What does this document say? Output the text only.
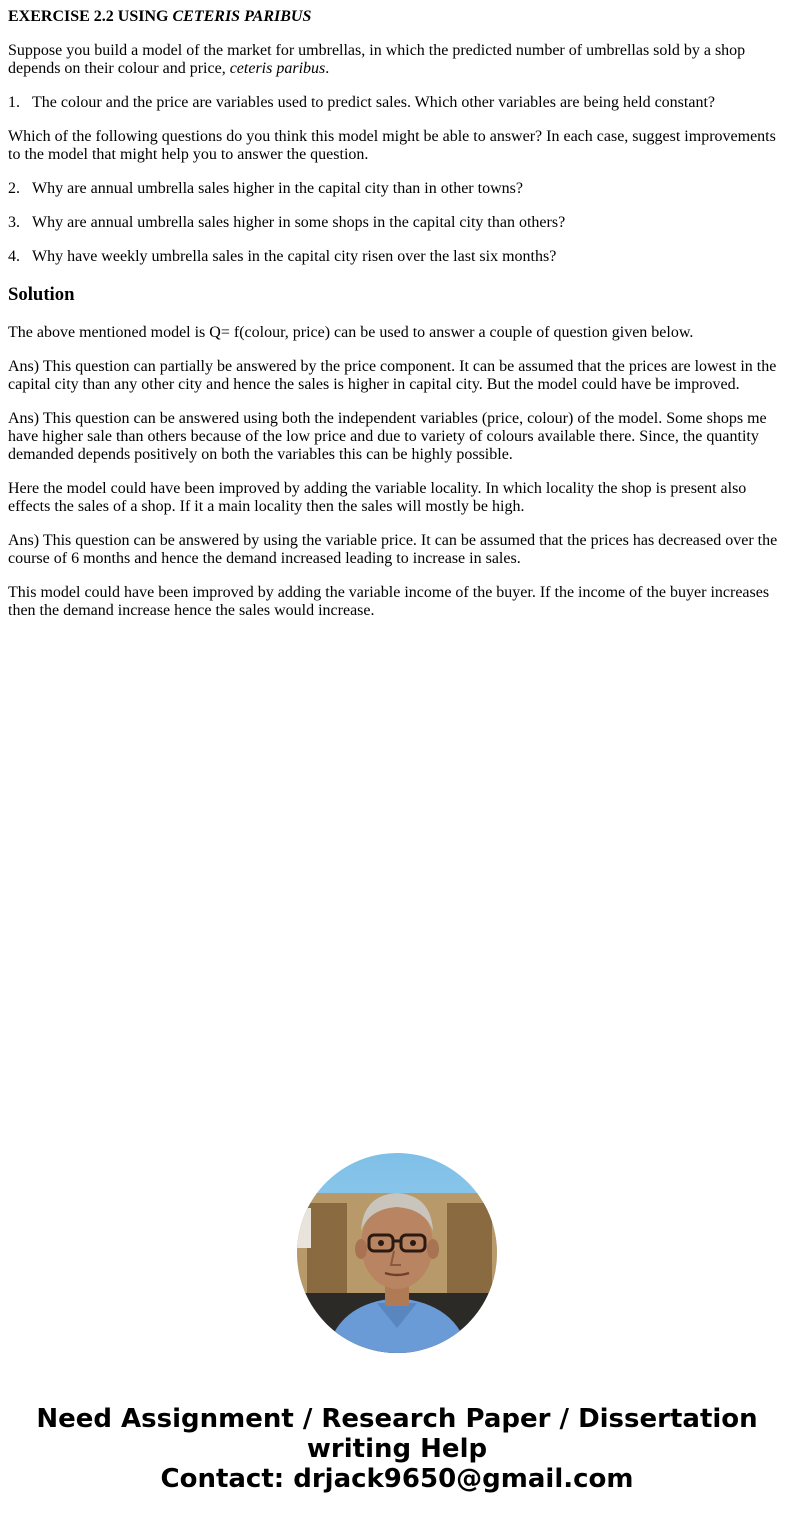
EXERCISE 2.2 USING CETERIS PARIBUS

Suppose you build a model of the market for umbrellas, in which the predicted number of umbrellas sold by a shop depends on their colour and price, ceteris paribus.

1. The colour and the price are variables used to predict sales. Which other variables are being held constant?

Which of the following questions do you think this model might be able to answer? In each case, suggest improvements to the model that might help you to answer the question.

2. Why are annual umbrella sales higher in the capital city than in other towns?

3. Why are annual umbrella sales higher in some shops in the capital city than others?

4. Why have weekly umbrella sales in the capital city risen over the last six months?

Solution

The above mentioned model is Q= f(colour, price) can be used to answer a couple of question given below.

Ans) This question can partially be answered by the price component. It can be assumed that the prices are lowest in the capital city than any other city and hence the sales is higher in capital city. But the model could have be improved.

Ans) This question can be answered using both the independent variables (price, colour) of the model. Some shops me have higher sale than others because of the low price and due to variety of colours available there. Since, the quantity demanded depends positively on both the variables this can be highly possible.

Here the model could have been improved by adding the variable locality. In which locality the shop is present also effects the sales of a shop. If it a main locality then the sales will mostly be high.

Ans) This question can be answered by using the variable price. It can be assumed that the prices has decreased over the course of 6 months and hence the demand increased leading to increase in sales.

This model could have been improved by adding the variable income of the buyer. If the income of the buyer increases then the demand increase hence the sales would increase.

Need Assignment / Research Paper / Dissertation
writing Help
Contact: drjack9650@gmail.com
